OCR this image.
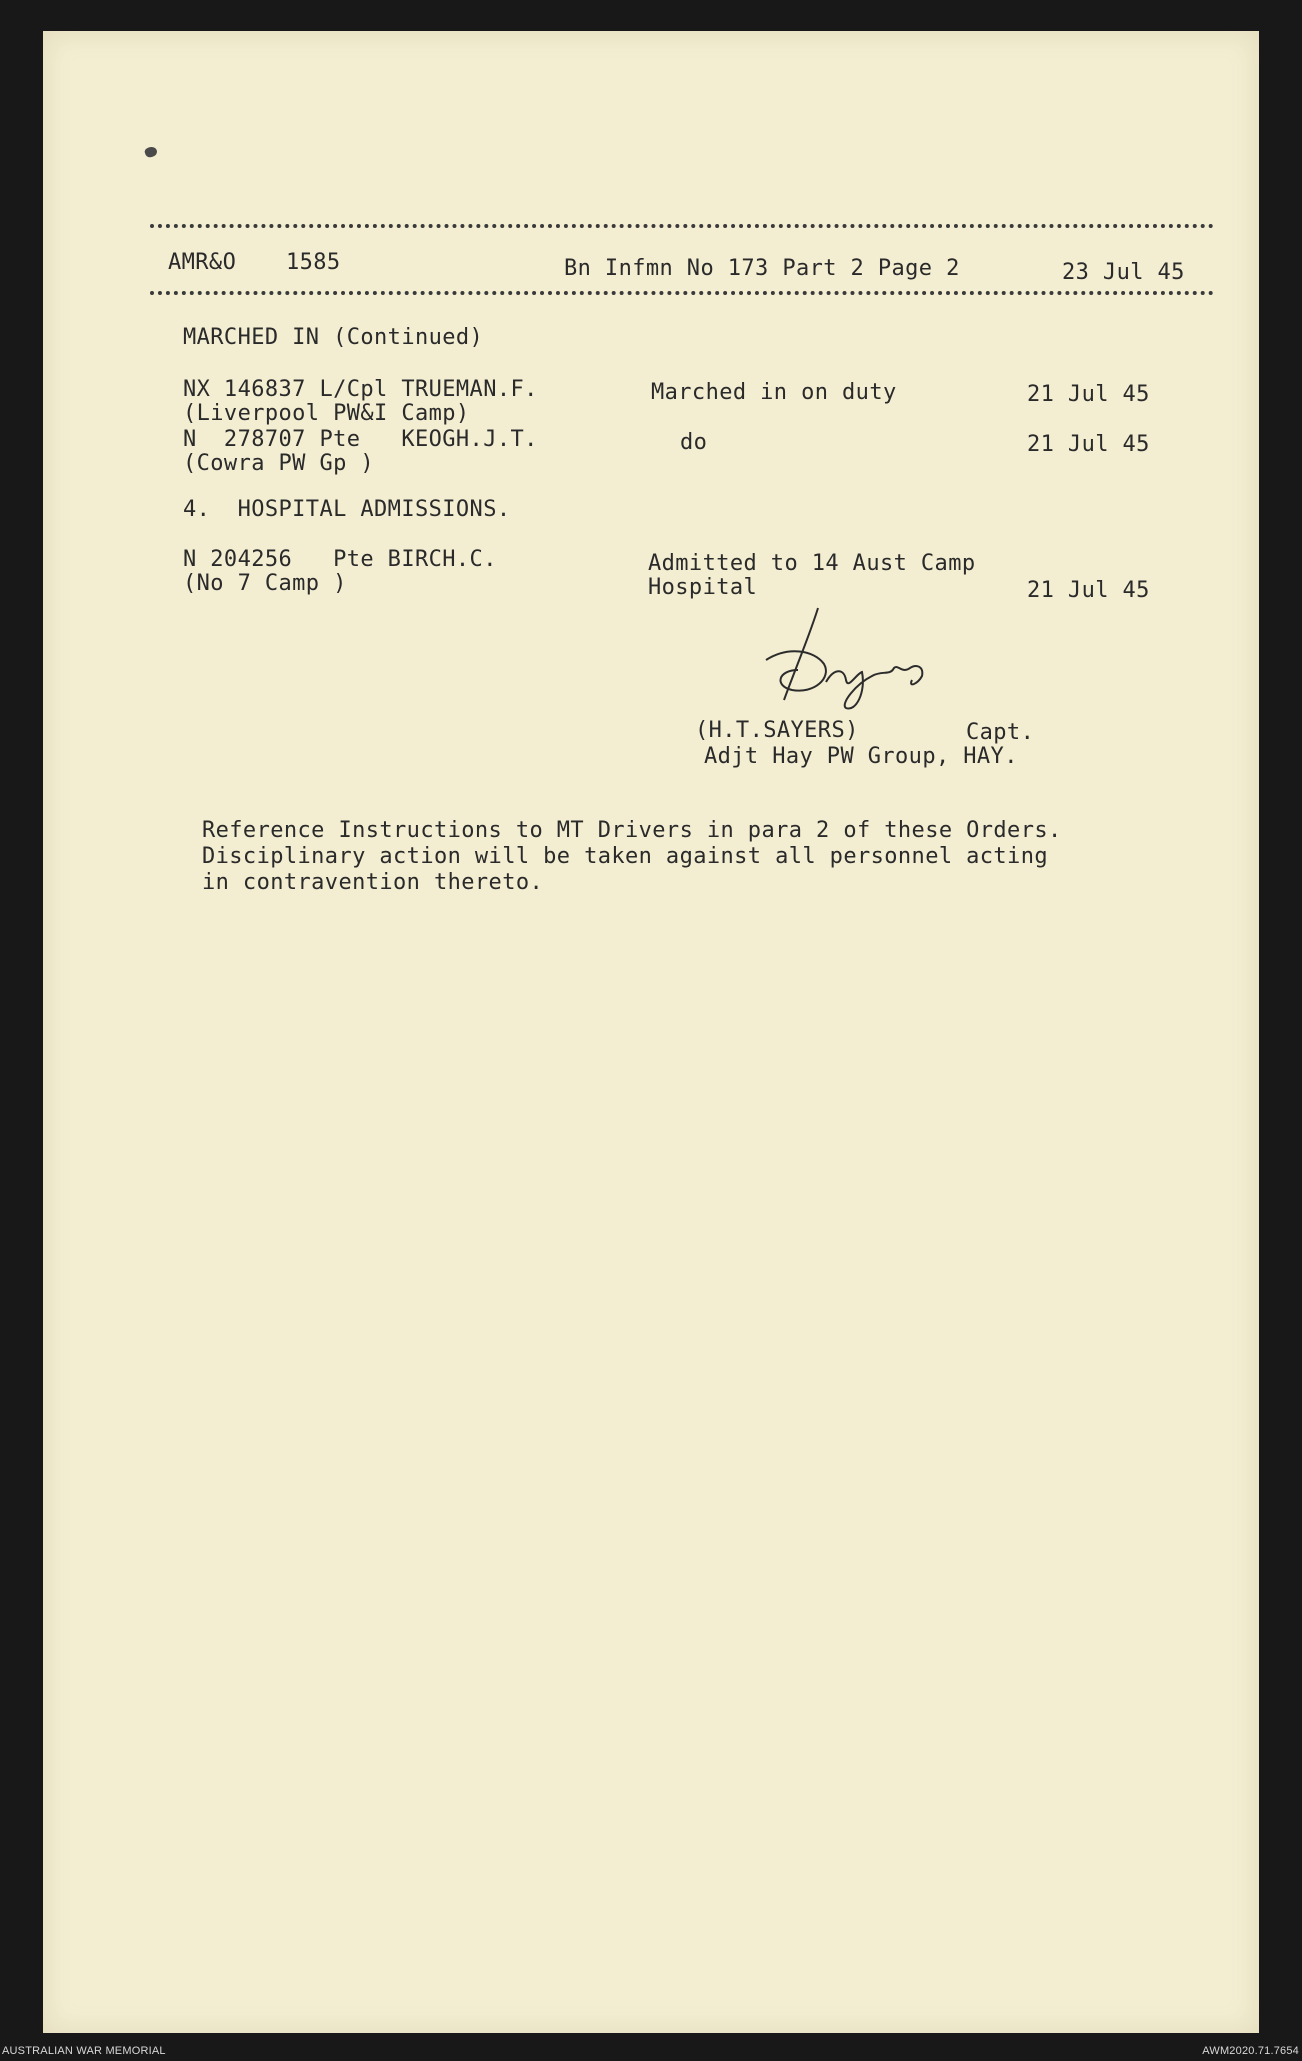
AMR&O 1585	Bn Infmn No 173 Part 2 Page 2	23 Jul 45
MARCHED IN (Continued)
NX 146837 L/Cpl TRUEMAN.F.
(Liverpool PW&I Camp)
Marched in on duty	21 Jul 45
N  278707 Pte   KEOGH.J.T.
(Cowra PW Gp )
do	21 Jul 45
4.  HOSPITAL ADMISSIONS.
N 204256   Pte BIRCH.C.
(No 7 Camp )
Admitted to 14 Aust Camp
Hospital	21 Jul 45
(H.T.SAYERS)	Capt.
Adjt Hay PW Group, HAY.
Reference Instructions to MT Drivers in para 2 of these Orders.
Disciplinary action will be taken against all personnel acting
in contravention thereto.
AUSTRALIAN WAR MEMORIAL	AWM2020.71.7654
